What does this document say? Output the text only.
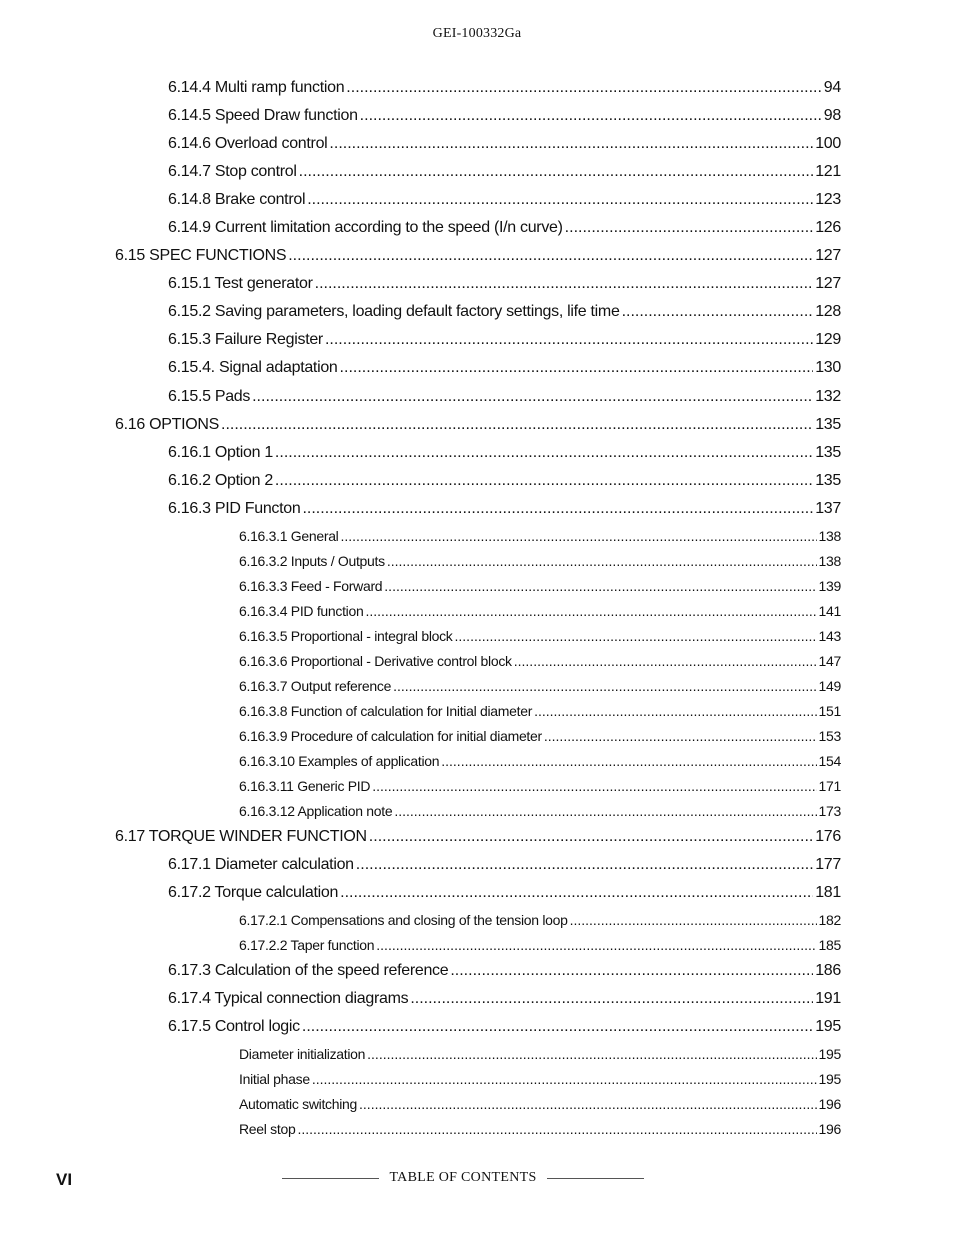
GEI-100332Ga
6.14.4 Multi ramp function .....	94
6.14.5 Speed Draw function .....	98
6.14.6 Overload control .....	100
6.14.7 Stop control .....	121
6.14.8 Brake control .....	123
6.14.9 Current limitation according to the speed (I/n curve) .....	126
6.15 SPEC FUNCTIONS .....	127
6.15.1 Test generator .....	127
6.15.2 Saving parameters, loading default factory settings, life time .....	128
6.15.3 Failure Register .....	129
6.15.4. Signal adaptation .....	130
6.15.5 Pads .....	132
6.16 OPTIONS .....	135
6.16.1 Option 1 .....	135
6.16.2 Option 2 .....	135
6.16.3 PID Functon .....	137
6.16.3.1 General .....	138
6.16.3.2 Inputs / Outputs .....	138
6.16.3.3 Feed - Forward .....	139
6.16.3.4 PID function .....	141
6.16.3.5 Proportional - integral block .....	143
6.16.3.6 Proportional - Derivative control block .....	147
6.16.3.7 Output reference .....	149
6.16.3.8 Function of calculation for Initial diameter .....	151
6.16.3.9 Procedure of calculation for initial diameter .....	153
6.16.3.10 Examples of application .....	154
6.16.3.11 Generic PID .....	171
6.16.3.12 Application note .....	173
6.17 TORQUE WINDER FUNCTION .....	176
6.17.1 Diameter calculation .....	177
6.17.2 Torque calculation .....	181
6.17.2.1 Compensations and closing of the tension loop .....	182
6.17.2.2 Taper function .....	185
6.17.3 Calculation of the speed reference .....	186
6.17.4 Typical connection diagrams .....	191
6.17.5 Control logic .....	195
Diameter initialization .....	195
Initial phase .....	195
Automatic switching .....	196
Reel stop .....	196
VI	TABLE OF CONTENTS
